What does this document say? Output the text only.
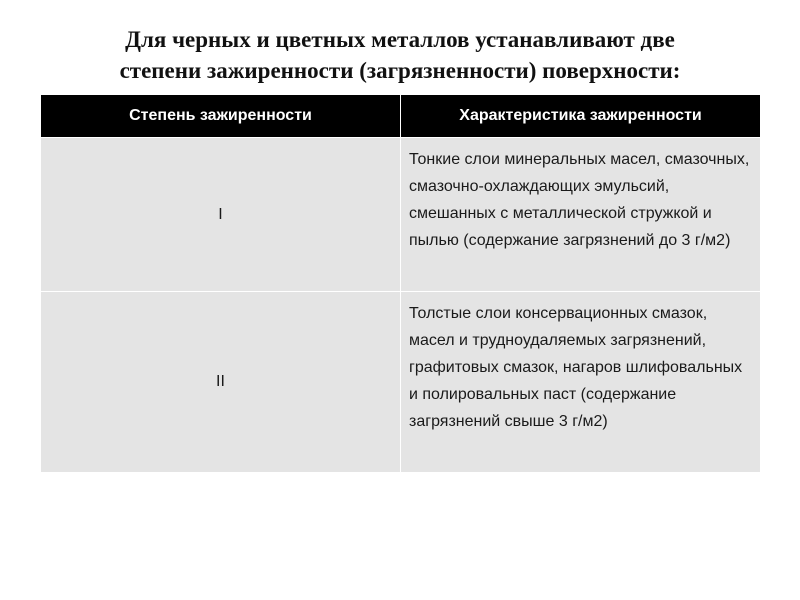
Для черных и цветных металлов устанавливают две
степени зажиренности (загрязненности) поверхности:
Степень зажиренности	Характеристика зажиренности
I	Тонкие слои минеральных масел, смазочных, смазочно-охлаждающих эмульсий, смешанных с металлической стружкой и пылью (содержание загрязнений до 3 г/м2)
II	Толстые слои консервационных смазок, масел и трудноудаляемых загрязнений, графитовых смазок, нагаров шлифовальных и полировальных паст (содержание загрязнений свыше 3 г/м2)
